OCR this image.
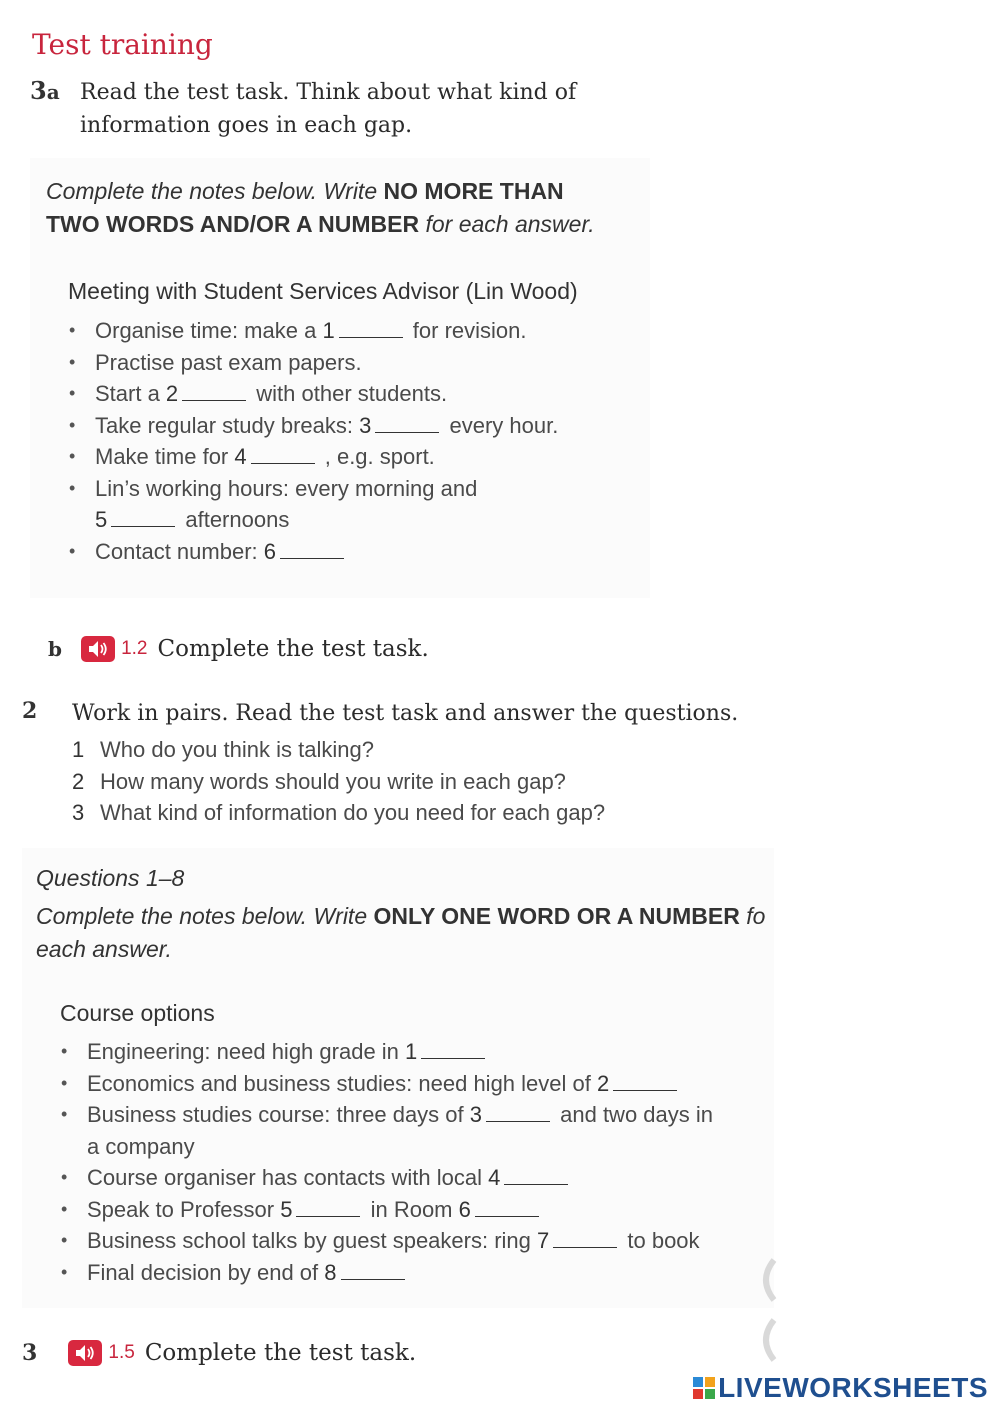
Test training
3a Read the test task. Think about what kind of
information goes in each gap.
Complete the notes below. Write NO MORE THAN
TWO WORDS AND/OR A NUMBER for each answer.
Meeting with Student Services Advisor (Lin Wood)
• Organise time: make a 1	for revision.
• Practise past exam papers.
• Start a 2	with other students.
• Take regular study breaks: 3	every hour.
• Make time for 4	, e.g. sport.
• Lin’s working hours: every morning and
5	afternoons
• Contact number: 6
b	1.2 Complete the test task.
2 Work in pairs. Read the test task and answer the questions.
1 Who do you think is talking?
2 How many words should you write in each gap?
3 What kind of information do you need for each gap?
Questions 1–8
Complete the notes below. Write ONLY ONE WORD OR A NUMBER fo
each answer.
Course options
• Engineering: need high grade in 1
• Economics and business studies: need high level of 2
• Business studies course: three days of 3	and two days in
a company
• Course organiser has contacts with local 4
• Speak to Professor 5	in Room 6
• Business school talks by guest speakers: ring 7	to book
• Final decision by end of 8
3	1.5 Complete the test task.
LIVEWORKSHEETS
